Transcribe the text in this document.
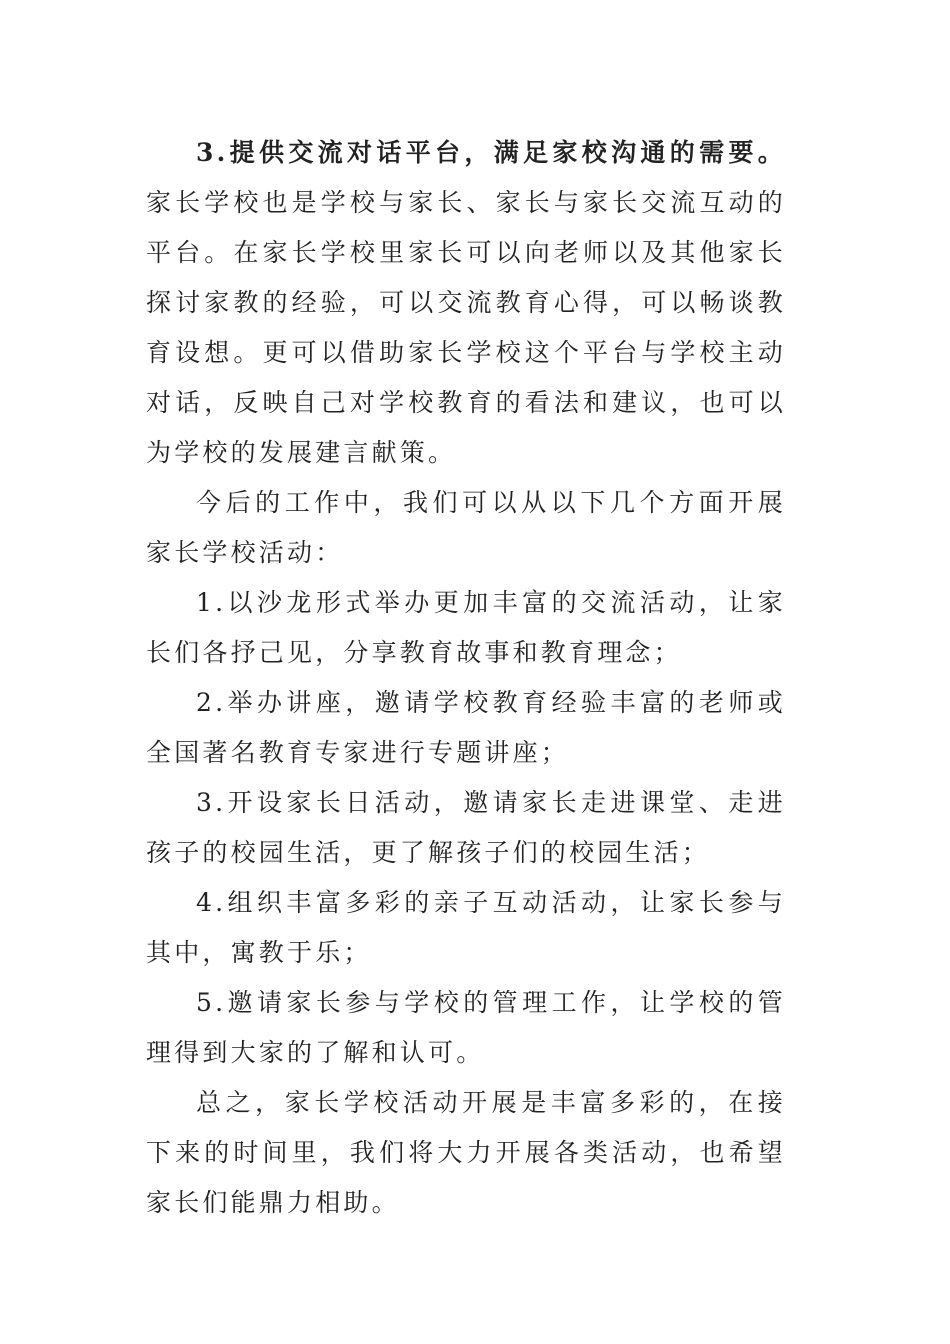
3.提供交流对话平台，满足家校沟通的需要。家长学校也是学校与家长、家长与家长交流互动的平台。在家长学校里家长可以向老师以及其他家长探讨家教的经验，可以交流教育心得，可以畅谈教育设想。更可以借助家长学校这个平台与学校主动对话，反映自己对学校教育的看法和建议，也可以为学校的发展建言献策。

今后的工作中，我们可以从以下几个方面开展家长学校活动：

1.以沙龙形式举办更加丰富的交流活动，让家长们各抒己见，分享教育故事和教育理念；

2.举办讲座，邀请学校教育经验丰富的老师或全国著名教育专家进行专题讲座；

3.开设家长日活动，邀请家长走进课堂、走进孩子的校园生活，更了解孩子们的校园生活；

4.组织丰富多彩的亲子互动活动，让家长参与其中，寓教于乐；

5.邀请家长参与学校的管理工作，让学校的管理得到大家的了解和认可。

总之，家长学校活动开展是丰富多彩的，在接下来的时间里，我们将大力开展各类活动，也希望家长们能鼎力相助。
